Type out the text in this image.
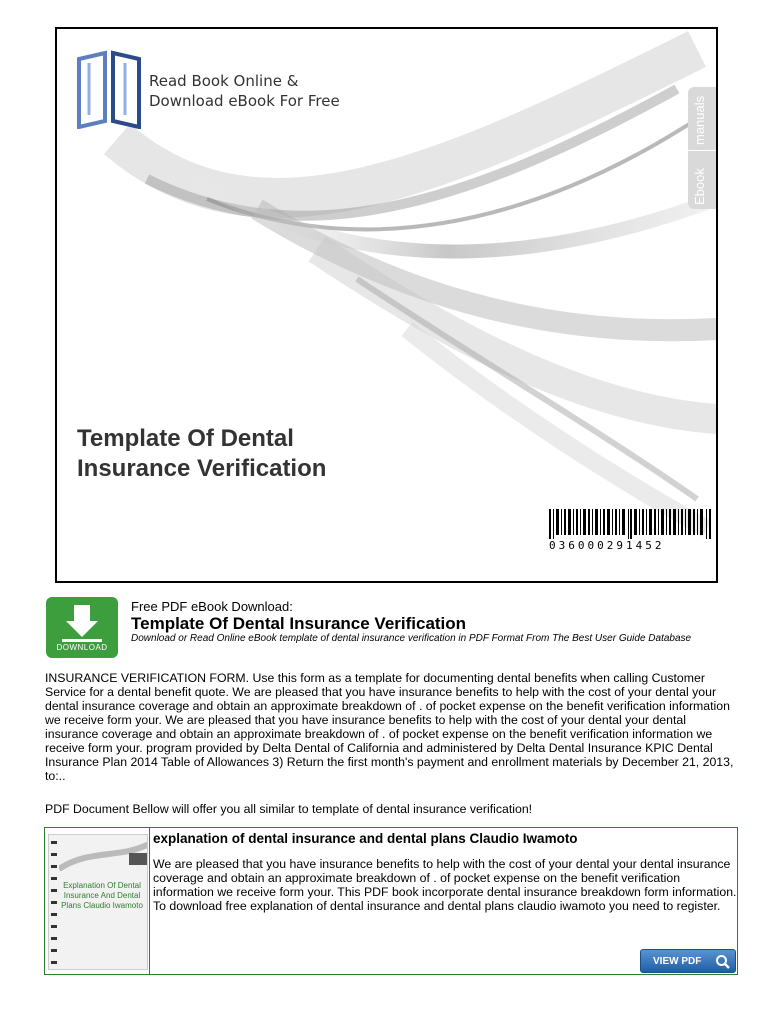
Read Book Online &
Download eBook For Free	manuals
Ebook
Template Of Dental
Insurance Verification
036000291452
DOWNLOAD
Free PDF eBook Download:
Template Of Dental Insurance Verification
Download or Read Online eBook template of dental insurance verification in PDF Format From The Best User Guide Database
INSURANCE VERIFICATION FORM. Use this form as a template for documenting dental benefits when calling Customer Service for a dental benefit quote. We are pleased that you have insurance benefits to help with the cost of your dental your dental insurance coverage and obtain an approximate breakdown of . of pocket expense on the benefit verification information we receive form your. We are pleased that you have insurance benefits to help with the cost of your dental your dental insurance coverage and obtain an approximate breakdown of . of pocket expense on the benefit verification information we receive form your. program provided by Delta Dental of California and administered by Delta Dental Insurance KPIC Dental Insurance Plan 2014 Table of Allowances 3) Return the first month's payment and enrollment materials by December 21, 2013, to:..
PDF Document Bellow will offer you all similar to template of dental insurance verification!
Explanation Of Dental Insurance And Dental Plans Claudio Iwamoto
explanation of dental insurance and dental plans Claudio Iwamoto
We are pleased that you have insurance benefits to help with the cost of your dental your dental insurance coverage and obtain an approximate breakdown of . of pocket expense on the benefit verification information we receive form your. This PDF book incorporate dental insurance breakdown form information. To download free explanation of dental insurance and dental plans claudio iwamoto you need to register.
VIEW PDF
